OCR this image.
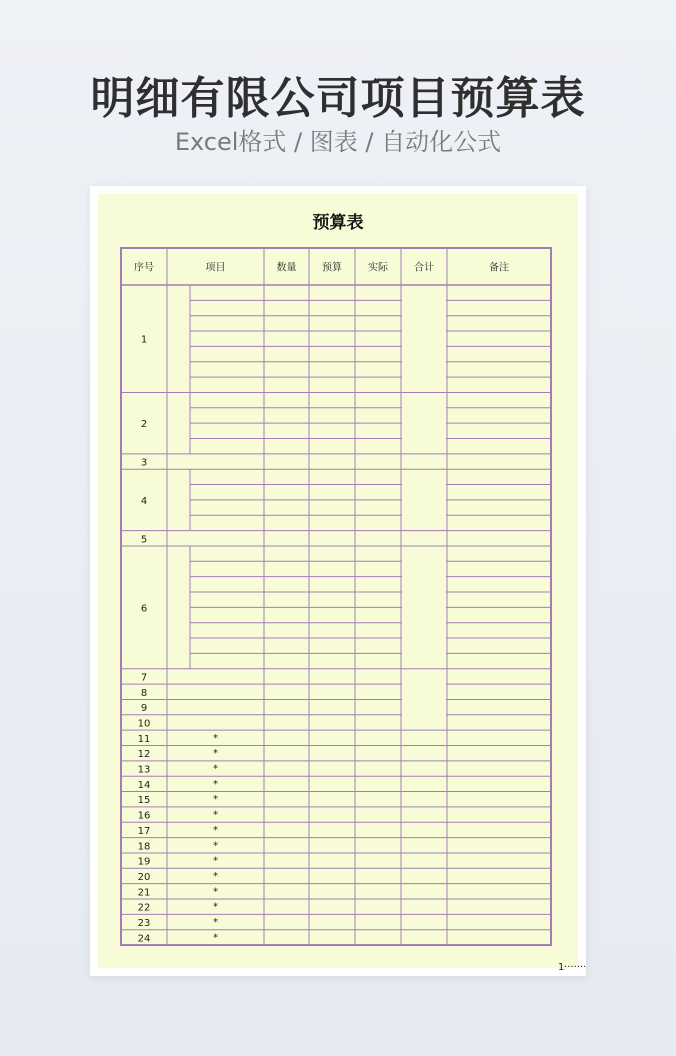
明细有限公司项目预算表
Excel格式 / 图表 / 自动化公式
预算表
序号	项目	数量	预算	实际	合计	备注
1
2
3
4
5
6
7
8
9
10
11	*
12	*
13	*
14	*
15	*
16	*
17	*
18	*
19	*
20	*
21	*
22	*
23	*
24	*
1 ·······
